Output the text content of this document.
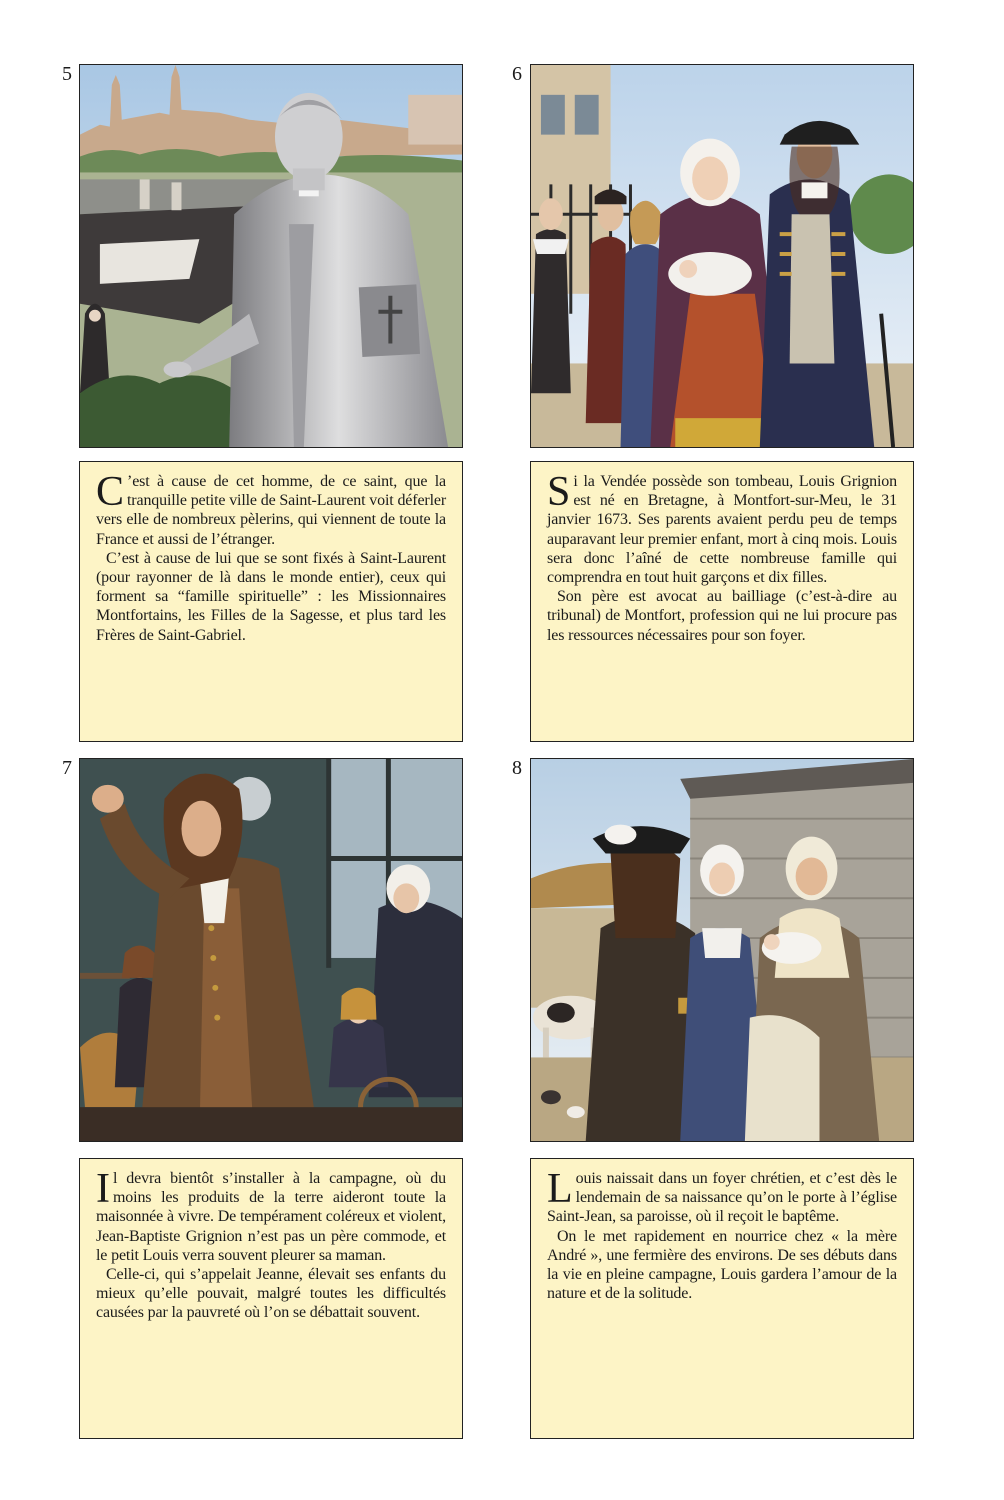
5
C ’est à cause de cet homme, de ce saint, que la tranquille petite ville de Saint-Laurent voit déferler vers elle de nombreux pèlerins, qui viennent de toute la France et aussi de l’étranger.

C’est à cause de lui que se sont fixés à Saint-Laurent (pour rayonner de là dans le monde entier), ceux qui forment sa “famille spirituelle” : les Missionnaires Montfortains, les Filles de la Sagesse, et plus tard les Frères de Saint-Gabriel.

6
S i la Vendée possède son tombeau, Louis Grignion est né en Bretagne, à Montfort-sur-Meu, le 31 janvier 1673. Ses parents avaient perdu peu de temps auparavant leur premier enfant, mort à cinq mois. Louis sera donc l’aîné de cette nombreuse famille qui comprendra en tout huit garçons et dix filles.

Son père est avocat au bailliage (c’est-à-dire au tribunal) de Montfort, profession qui ne lui procure pas les ressources nécessaires pour son foyer.

7
I l devra bientôt s’installer à la campagne, où du moins les produits de la terre aideront toute la maisonnée à vivre. De tempérament coléreux et violent, Jean-Baptiste Grignion n’est pas un père commode, et le petit Louis verra souvent pleurer sa maman.

Celle-ci, qui s’appelait Jeanne, élevait ses enfants du mieux qu’elle pouvait, malgré toutes les difficultés causées par la pauvreté où l’on se débattait souvent.

8
L ouis naissait dans un foyer chrétien, et c’est dès le lendemain de sa naissance qu’on le porte à l’église Saint-Jean, sa paroisse, où il reçoit le baptême.

On le met rapidement en nourrice chez « la mère André », une fermière des environs. De ses débuts dans la vie en pleine campagne, Louis gardera l’amour de la nature et de la solitude.
